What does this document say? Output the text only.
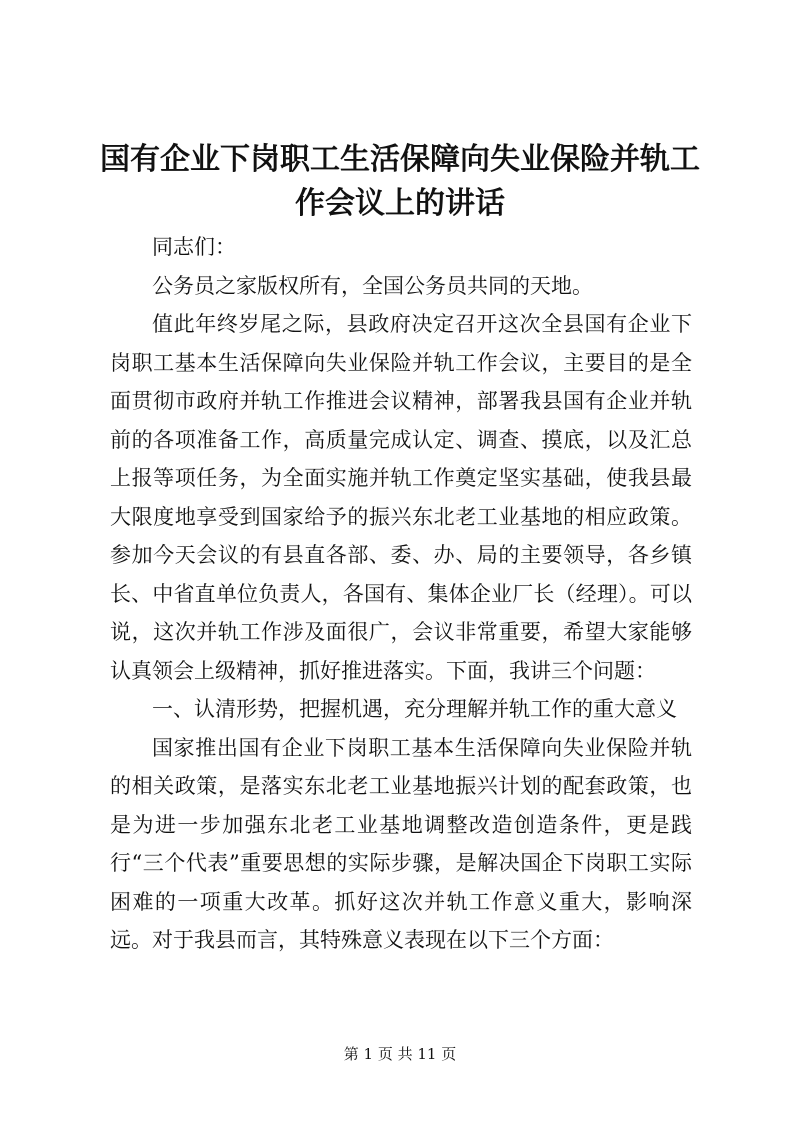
国有企业下岗职工生活保障向失业保险并轨工作会议上的讲话

同志们：

公务员之家版权所有，全国公务员共同的天地。

值此年终岁尾之际，县政府决定召开这次全县国有企业下岗职工基本生活保障向失业保险并轨工作会议，主要目的是全面贯彻市政府并轨工作推进会议精神，部署我县国有企业并轨前的各项准备工作，高质量完成认定、调查、摸底，以及汇总上报等项任务，为全面实施并轨工作奠定坚实基础，使我县最大限度地享受到国家给予的振兴东北老工业基地的相应政策。参加今天会议的有县直各部、委、办、局的主要领导，各乡镇长、中省直单位负责人，各国有、集体企业厂长（经理）。可以说，这次并轨工作涉及面很广，会议非常重要，希望大家能够认真领会上级精神，抓好推进落实。下面，我讲三个问题：

一、认清形势，把握机遇，充分理解并轨工作的重大意义

国家推出国有企业下岗职工基本生活保障向失业保险并轨的相关政策，是落实东北老工业基地振兴计划的配套政策，也是为进一步加强东北老工业基地调整改造创造条件，更是践行“三个代表”重要思想的实际步骤，是解决国企下岗职工实际困难的一项重大改革。抓好这次并轨工作意义重大，影响深远。对于我县而言，其特殊意义表现在以下三个方面：

第 1 页 共 11 页
